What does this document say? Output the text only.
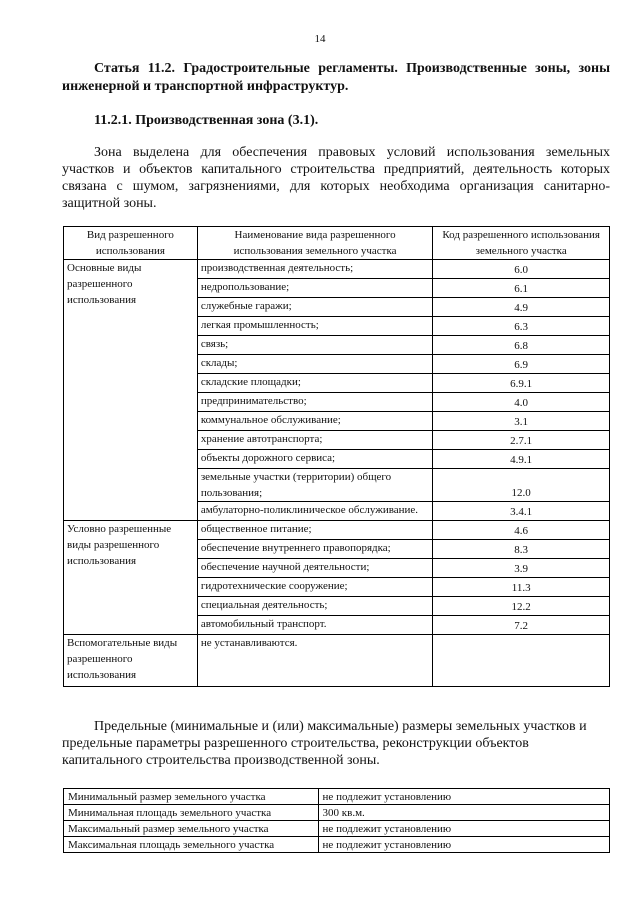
14

Статья 11.2. Градостроительные регламенты. Производственные зоны, зоны инженерной и транспортной инфраструктур.

11.2.1. Производственная зона (3.1).

Зона выделена для обеспечения правовых условий использования земельных участков и объектов капитального строительства предприятий, деятельность которых связана с шумом, загрязнениями, для которых необходима организация санитарно-защитной зоны.

Вид разрешенного использования	Наименование вида разрешенного использования земельного участка	Код разрешенного использования земельного участка
Основные виды разрешенного использования	производственная деятельность;	6.0
	недропользование;	6.1
	служебные гаражи;	4.9
	легкая промышленность;	6.3
	связь;	6.8
	склады;	6.9
	складские площадки;	6.9.1
	предпринимательство;	4.0
	коммунальное обслуживание;	3.1
	хранение автотранспорта;	2.7.1
	объекты дорожного сервиса;	4.9.1
	земельные участки (территории) общего пользования;	12.0
	амбулаторно-поликлиническое обслуживание.	3.4.1
Условно разрешенные виды разрешенного использования	общественное питание;	4.6
	обеспечение внутреннего правопорядка;	8.3
	обеспечение научной деятельности;	3.9
	гидротехнические сооружение;	11.3
	специальная деятельность;	12.2
	автомобильный транспорт.	7.2
Вспомогательные виды разрешенного использования	не устанавливаются.	

Предельные (минимальные и (или) максимальные) размеры земельных участков и предельные параметры разрешенного строительства, реконструкции объектов капитального строительства производственной зоны.

Минимальный размер земельного участка	не подлежит установлению
Минимальная площадь земельного участка	300 кв.м.
Максимальный размер земельного участка	не подлежит установлению
Максимальная площадь земельного участка	не подлежит установлению
